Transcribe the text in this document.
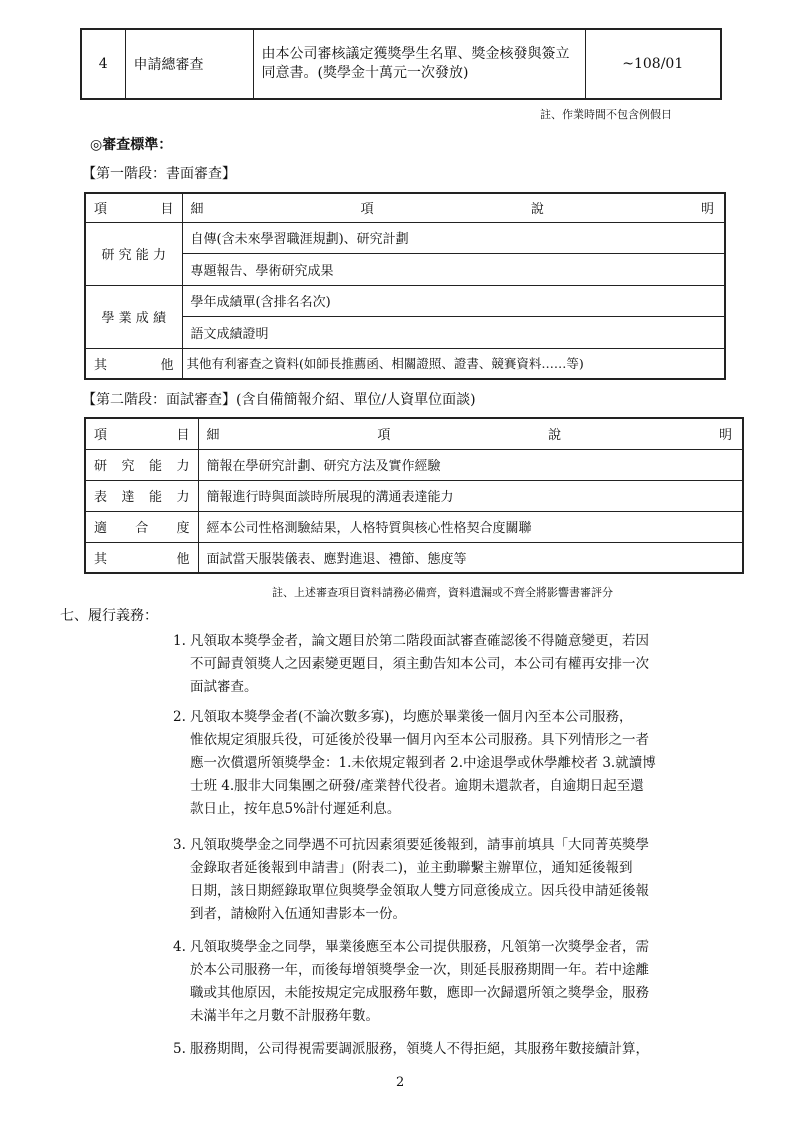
4	申請總審查	由本公司審核議定獲獎學生名單、獎金核發與簽立同意書。(獎學金十萬元一次發放)	~108/01
註、作業時間不包含例假日
◎審查標準：
【第一階段：書面審查】
項 目	細 項 說 明

研 究 能 力	自傳(含未來學習職涯規劃)、研究計劃
	專題報告、學術研究成果
學 業 成 績	學年成績單(含排名名次)
	語文成績證明

其 他	其他有利審查之資料(如師長推薦函、相關證照、證書、競賽資料……等)
【第二階段：面試審查】(含自備簡報介紹、單位/人資單位面談)
項 目	細 項 說 明

研 究 能 力	簡報在學研究計劃、研究方法及實作經驗

表 達 能 力	簡報進行時與面談時所展現的溝通表達能力

適 合 度	經本公司性格測驗結果，人格特質與核心性格契合度關聯

其 他	面試當天服裝儀表、應對進退、禮節、態度等
註、上述審查項目資料請務必備齊，資料遺漏或不齊全將影響書審評分
七、履行義務：
1. 凡領取本獎學金者，論文題目於第二階段面試審查確認後不得隨意變更，若因
不可歸責領獎人之因素變更題目，須主動告知本公司，本公司有權再安排一次
面試審查。
2. 凡領取本獎學金者(不論次數多寡)，均應於畢業後一個月內至本公司服務，
惟依規定須服兵役，可延後於役畢一個月內至本公司服務。具下列情形之一者
應一次償還所領獎學金：1.未依規定報到者 2.中途退學或休學離校者 3.就讀博
士班 4.服非大同集團之研發/產業替代役者。逾期未還款者，自逾期日起至還
款日止，按年息5%計付遲延利息。
3. 凡領取獎學金之同學遇不可抗因素須要延後報到，請事前填具「大同菁英獎學
金錄取者延後報到申請書」(附表二)，並主動聯繫主辦單位，通知延後報到
日期，該日期經錄取單位與獎學金領取人雙方同意後成立。因兵役申請延後報
到者，請檢附入伍通知書影本一份。
4. 凡領取獎學金之同學，畢業後應至本公司提供服務，凡領第一次獎學金者，需
於本公司服務一年，而後每增領獎學金一次，則延長服務期間一年。若中途離
職或其他原因，未能按規定完成服務年數，應即一次歸還所領之獎學金，服務
未滿半年之月數不計服務年數。
5. 服務期間，公司得視需要調派服務，領獎人不得拒絕，其服務年數接續計算，
2
